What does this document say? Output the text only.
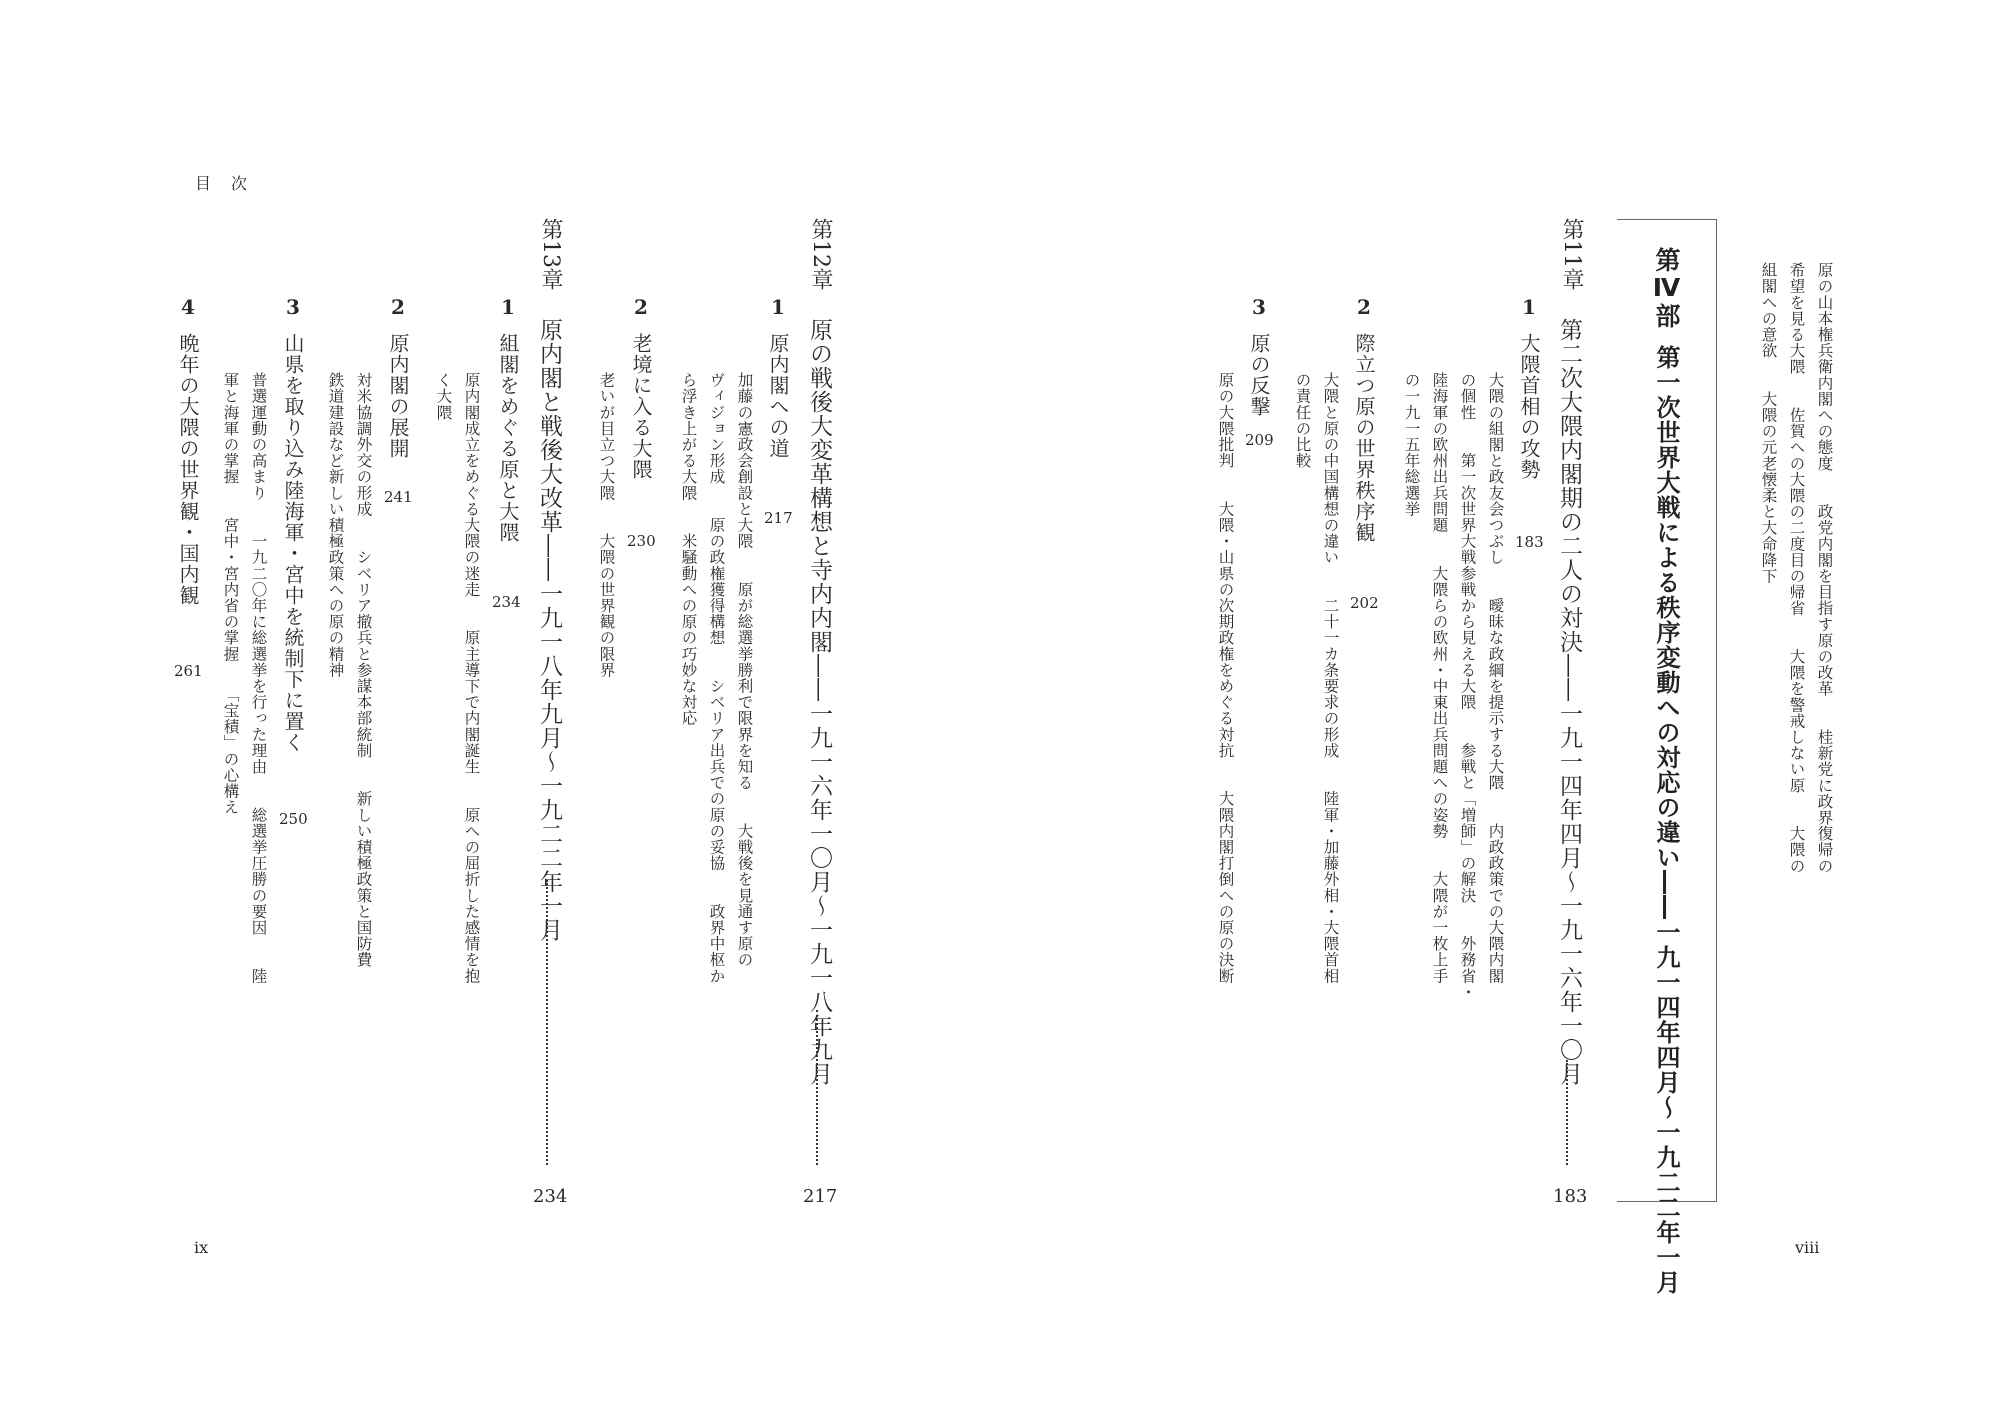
目　次
ix	viii
原の山本権兵衛内閣への態度　　政党内閣を目指す原の改革　　桂新党に政界復帰の
希望を見る大隈　　佐賀への大隈の二度目の帰省　　大隈を警戒しない原　　大隈の
組閣への意欲　　大隈の元老懐柔と大命降下
第Ⅳ部
第一次世界大戦による秩序変動への対応の違い――一九一四年四月～一九二二年一月
第11章
第二次大隈内閣期の二人の対決――一九一四年四月～一九一六年一〇月
183
1
大隈首相の攻勢
183
大隈の組閣と政友会つぶし　　曖昧な政綱を提示する大隈　　内政政策での大隈内閣
の個性　　第一次世界大戦参戦から見える大隈　　参戦と「増師」の解決　　外務省・
陸海軍の欧州出兵問題　　大隈らの欧州・中東出兵問題への姿勢　　大隈が一枚上手
の一九一五年総選挙
2
際立つ原の世界秩序観
202
大隈と原の中国構想の違い　　二十一カ条要求の形成　　陸軍・加藤外相・大隈首相
の責任の比較
3
原の反撃
209
原の大隈批判　　大隈・山県の次期政権をめぐる対抗　　大隈内閣打倒への原の決断
第12章
原の戦後大変革構想と寺内内閣――一九一六年一〇月～一九一八年九月
217
1
原内閣への道
217
加藤の憲政会創設と大隈　　原が総選挙勝利で限界を知る　　大戦後を見通す原の
ヴィジョン形成　　原の政権獲得構想　　シベリア出兵での原の妥協　　政界中枢か
ら浮き上がる大隈　　米騒動への原の巧妙な対応
2
老境に入る大隈
230
老いが目立つ大隈　　大隈の世界観の限界
第13章
原内閣と戦後大改革――一九一八年九月～一九二二年一月
234
1
組閣をめぐる原と大隈
234
原内閣成立をめぐる大隈の迷走　　原主導下で内閣誕生　　原への屈折した感情を抱
く大隈
2
原内閣の展開
241
対米協調外交の形成　　シベリア撤兵と参謀本部統制　　新しい積極政策と国防費
鉄道建設など新しい積極政策への原の精神
3
山県を取り込み陸海軍・宮中を統制下に置く
250
普選運動の高まり　　一九二〇年に総選挙を行った理由　　総選挙圧勝の要因　　陸
軍と海軍の掌握　　宮中・宮内省の掌握　　「宝積」の心構え
4
晩年の大隈の世界観・国内観
261
